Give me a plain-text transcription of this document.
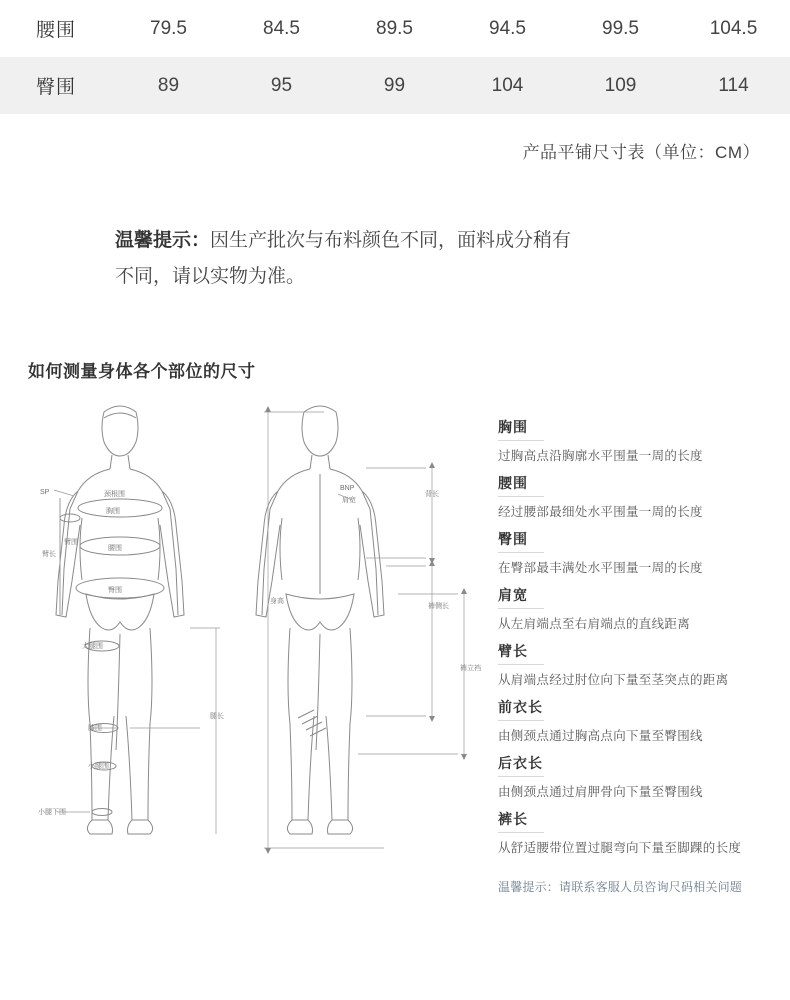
腰围	79.5	84.5	89.5	94.5	99.5	104.5
臀围	89	95	99	104	109	114
产品平铺尺寸表（单位：CM）
温馨提示：因生产批次与布料颜色不同，面料成分稍有
不同，请以实物为准。
如何测量身体各个部位的尺寸
SP	颈根围
胸围
臂长
臂围
腰围
臀围
大腿围
膝围
小腿围
小腿下围
BNP
肩宽
背长
身高
裤侧长
裤立裆
腿长
胸围
过胸高点沿胸廓水平围量一周的长度
腰围
经过腰部最细处水平围量一周的长度
臀围
在臀部最丰满处水平围量一周的长度
肩宽
从左肩端点至右肩端点的直线距离
臂长
从肩端点经过肘位向下量至茎突点的距离
前衣长
由侧颈点通过胸高点向下量至臀围线
后衣长
由侧颈点通过肩胛骨向下量至臀围线
裤长
从舒适腰带位置过腿弯向下量至脚踝的长度
温馨提示：请联系客服人员咨询尺码相关问题
